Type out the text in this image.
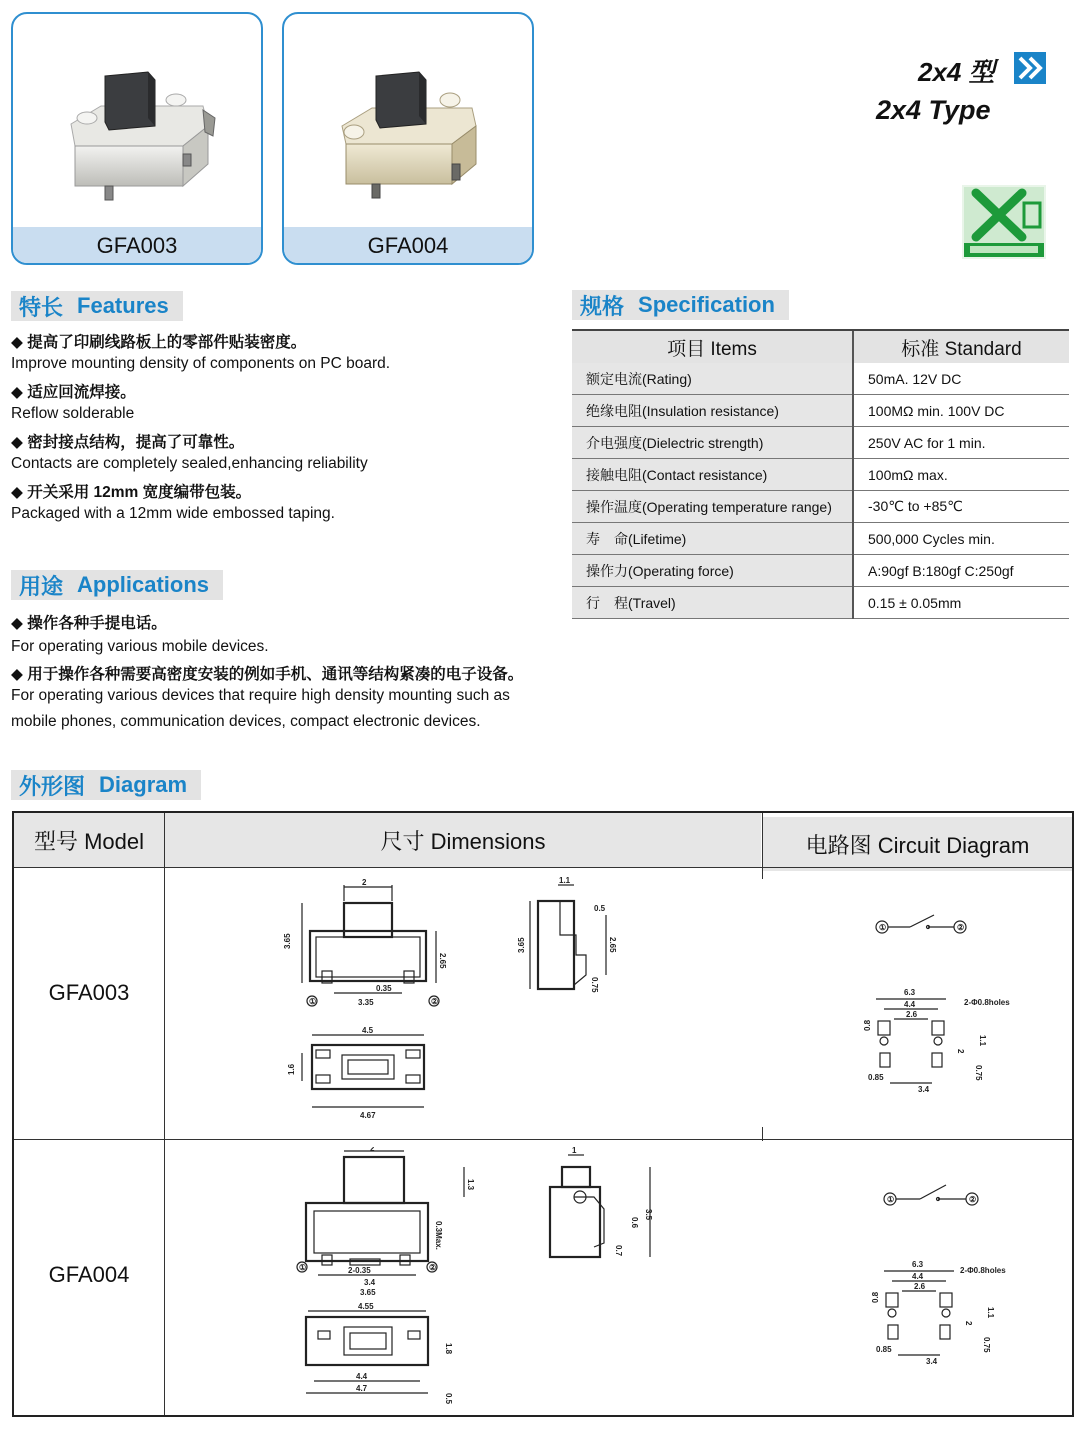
GFA003	GFA004
2x4 型
2x4 Type
特长 Features
◆ 提高了印刷线路板上的零部件贴装密度。
Improve mounting density of components on PC board.
◆ 适应回流焊接。
Reflow solderable
◆ 密封接点结构，提高了可靠性。
Contacts are completely sealed,enhancing reliability
◆ 开关采用 12mm 宽度编带包装。
Packaged with a 12mm wide embossed taping.
用途 Applications
◆ 操作各种手提电话。
For operating various mobile devices.
◆ 用于操作各种需要高密度安装的例如手机、通讯等结构紧凑的电子设备。
For operating various devices that require high density mounting such as
mobile phones, communication devices, compact electronic devices.
规格 Specification
项目 Items	标准 Standard
额定电流(Rating)	50mA. 12V DC
绝缘电阻(Insulation resistance)	100MΩ min. 100V DC
介电强度(Dielectric strength)	250V AC for 1 min.
接触电阻(Contact resistance)	100mΩ max.
操作温度(Operating temperature range)	-30℃ to +85℃
寿　命(Lifetime)	500,000 Cycles min.
操作力(Operating force)	A:90gf B:180gf C:250gf
行　程(Travel)	0.15 ± 0.05mm
外形图 Diagram
型号 Model	尺寸 Dimensions	电路图 Circuit Diagram
GFA003
GFA004
2
3.65
2.65
0.35
3.35
①	②
4.5
1.6
4.67
1.1
0.5
3.65	2.65
0.75
①	②
6.3
4.4
2.6
2-Φ0.8holes
0.8
1.1
2
0.75
0.85
3.4
2
1.3
0.3Max.
①	②
2-0.35
3.4
3.65
4.55
1.8
4.4
4.7
0.5
1
0.6
0.7
3.5
①	②
6.3
4.4
2.6
2-Φ0.8holes
0.8
1.1
2
0.75
0.85
3.4
